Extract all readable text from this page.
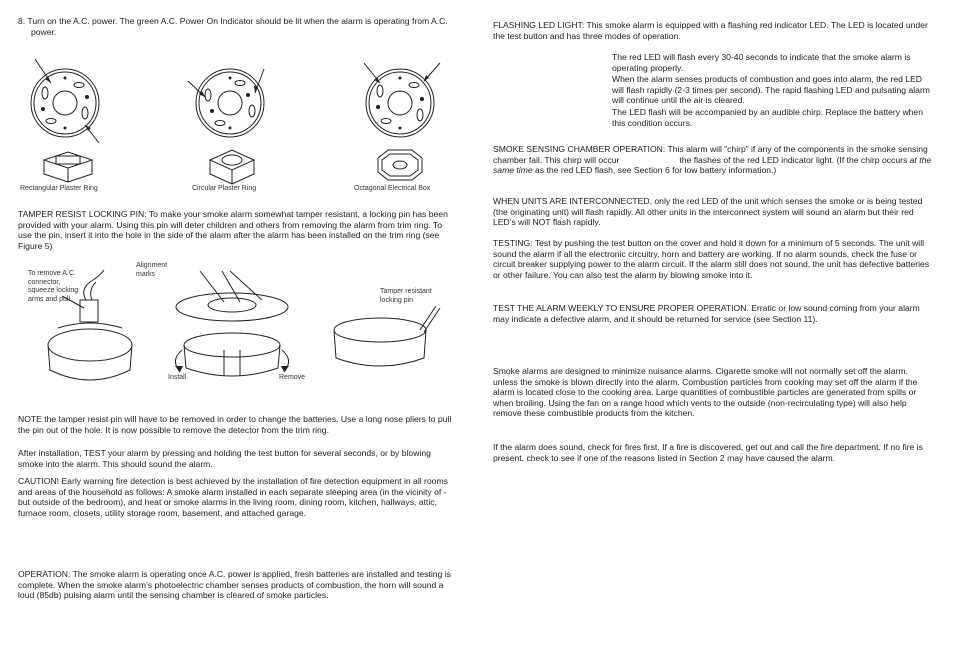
8. Turn on the A.C. power. The green A.C. Power On Indicator should be lit when the alarm is operating from A.C. power.

Rectangular Plaster Ring	Circular Plaster Ring	Octagonal Electrical Box

TAMPER RESIST LOCKING PIN: To make your smoke alarm somewhat tamper resistant, a locking pin has been provided with your alarm. Using this pin will deter children and others from removing the alarm from trim ring. To use the pin, insert it into the hole in the side of the alarm after the alarm has been installed on the trim ring (see Figure 5)

To remove A.C. connector, squeeze locking arms and pull

Alignment marks

Tamper resistant locking pin

Install	Remove

NOTE the tamper resist pin will have to be removed in order to change the batteries. Use a long nose pliers to pull the pin out of the hole. It is now possible to remove the detector from the trim ring.

After installation, TEST your alarm by pressing and holding the test button for several seconds, or by blowing smoke into the alarm. This should sound the alarm.

CAUTION! Early warning fire detection is best achieved by the installation of fire detection equipment in all rooms and areas of the household as follows: A smoke alarm installed in each separate sleeping area (in the vicinity of - but outside of the bedroom), and heat or smoke alarms in the living room, dining room, kitchen, hallways, attic, furnace room, closets, utility storage room, basement, and attached garage.

OPERATION: The smoke alarm is operating once A.C. power is applied, fresh batteries are installed and testing is complete. When the smoke alarm’s photoelectric chamber senses products of combustion, the horn will sound a loud (85db) pulsing alarm until the sensing chamber is cleared of smoke particles.

FLASHING LED LIGHT: This smoke alarm is equipped with a flashing red indicator LED. The LED is located under the test button and has three modes of operation.

The red LED will flash every 30-40 seconds to indicate that the smoke alarm is operating properly.

When the alarm senses products of combustion and goes into alarm, the red LED will flash rapidly (2-3 times per second). The rapid flashing LED and pulsating alarm will continue until the air is cleared.

The LED flash will be accompanied by an audible chirp. Replace the battery when this condition occurs.

SMOKE SENSING CHAMBER OPERATION: This alarm will “chirp” if any of the components in the smoke sensing chamber fail. This chirp will occur	the flashes of the red LED indicator light. (If the chirp occurs at the same time as the red LED flash, see Section 6 for low battery information.)

WHEN UNITS ARE INTERCONNECTED, only the red LED of the unit which senses the smoke or is being tested (the originating unit) will flash rapidly. All other units in the interconnect system will sound an alarm but their red LED’s will NOT flash rapidly.

TESTING: Test by pushing the test button on the cover and hold it down for a minimum of 5 seconds. The unit will sound the alarm if all the electronic circuitry, horn and battery are working. If no alarm sounds, check the fuse or circuit breaker supplying power to the alarm circuit. If the alarm still does not sound, the unit has defective batteries or other failure. You can also test the alarm by blowing smoke into it.

TEST THE ALARM WEEKLY TO ENSURE PROPER OPERATION. Erratic or low sound coming from your alarm may indicate a defective alarm, and it should be returned for service (see Section 11).

Smoke alarms are designed to minimize nuisance alarms. Cigarette smoke will not normally set off the alarm, unless the smoke is blown directly into the alarm. Combustion particles from cooking may set off the alarm if the alarm is located close to the cooking area. Large quantities of combustible particles are generated from spills or when broiling. Using the fan on a range hood which vents to the outside (non-recirculating type) will also help remove these combustible products from the kitchen.

If the alarm does sound, check for fires first. If a fire is discovered, get out and call the fire department. If no fire is present, check to see if one of the reasons listed in Section 2 may have caused the alarm.
